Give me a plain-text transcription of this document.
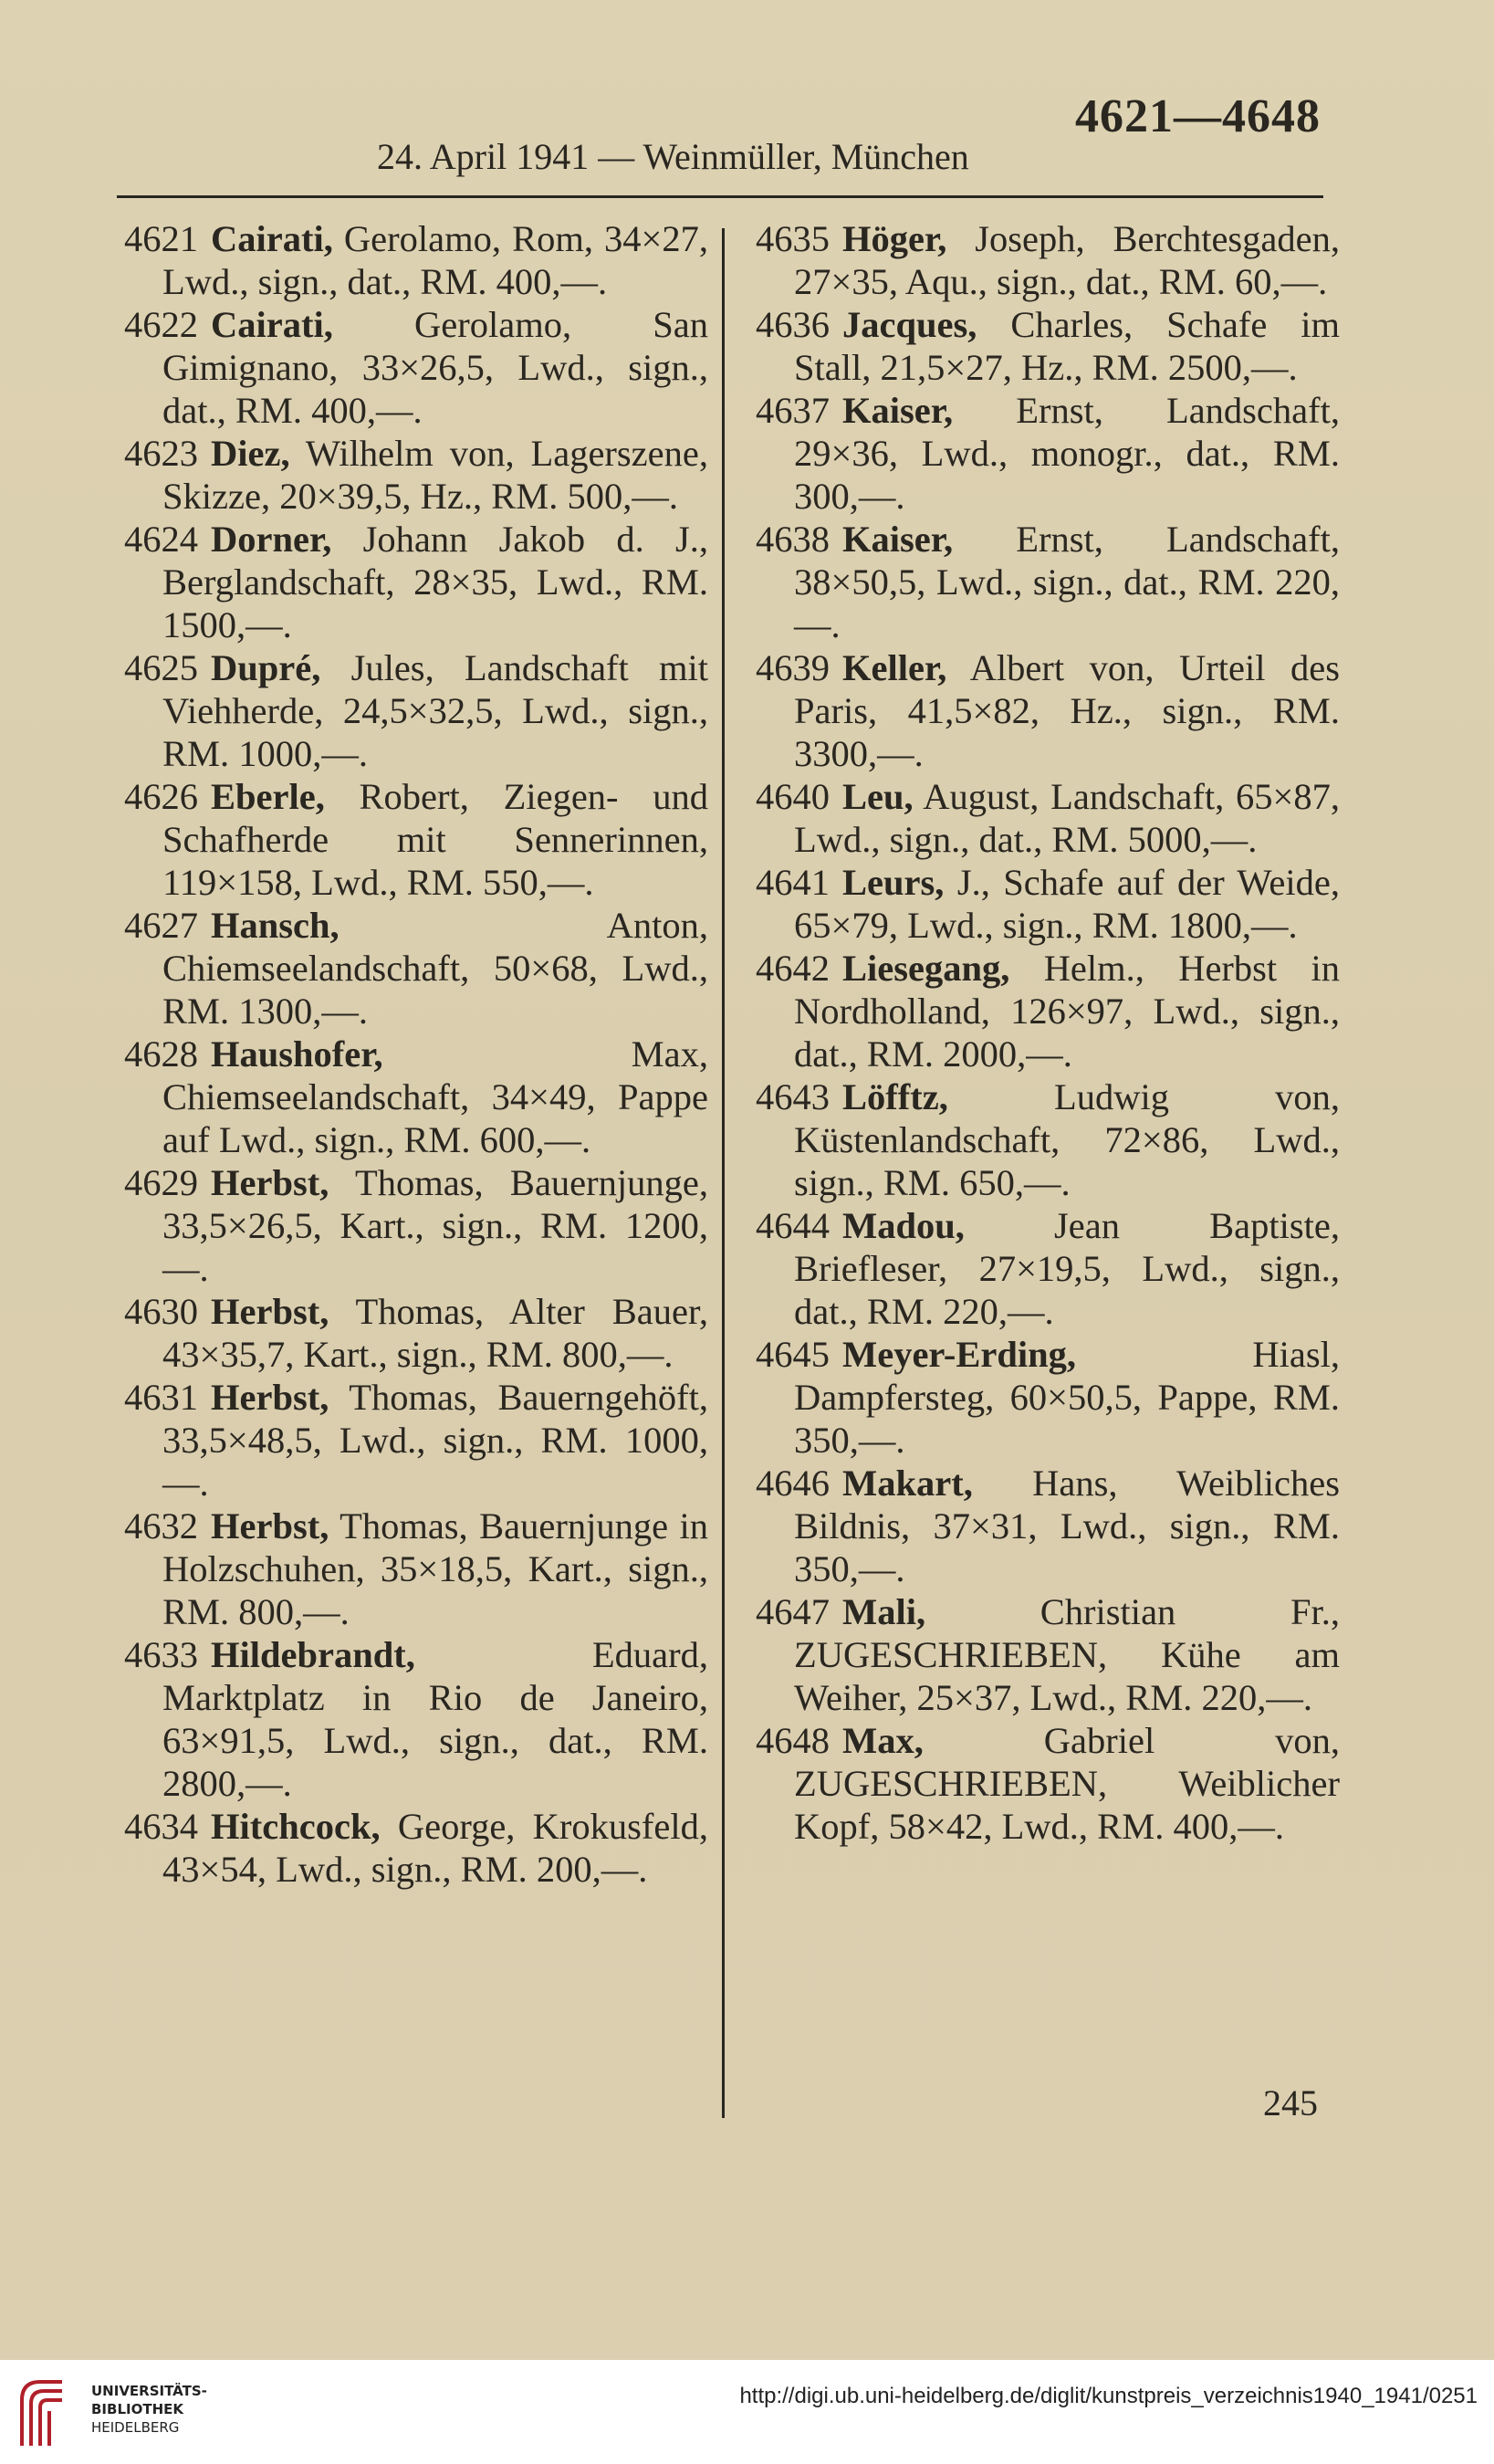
4621—4648
24. April 1941 — Weinmüller, München
4621 Cairati, Gerolamo, Rom, 34×27, Lwd., sign., dat., RM. 400,—.
4622 Cairati, Gerolamo, San Gimignano, 33×26,5, Lwd., sign., dat., RM. 400,—.
4623 Diez, Wilhelm von, Lagerszene, Skizze, 20×39,5, Hz., RM. 500,—.
4624 Dorner, Johann Jakob d. J., Berglandschaft, 28×35, Lwd., RM. 1500,—.
4625 Dupré, Jules, Landschaft mit Viehherde, 24,5×32,5, Lwd., sign., RM. 1000,—.
4626 Eberle, Robert, Ziegen- und Schafherde mit Sennerinnen, 119×158, Lwd., RM. 550,—.
4627 Hansch,	Anton, Chiemseelandschaft, 50×68, Lwd., RM. 1300,—.
4628 Haushofer,	Max, Chiemseelandschaft, 34×49, Pappe auf Lwd., sign., RM. 600,—.
4629 Herbst, Thomas, Bauernjunge, 33,5×26,5, Kart., sign., RM. 1200,—.
4630 Herbst, Thomas, Alter Bauer, 43×35,7, Kart., sign., RM. 800,—.
4631 Herbst, Thomas, Bauerngehöft, 33,5×48,5, Lwd., sign., RM. 1000,—.
4632 Herbst, Thomas, Bauernjunge in Holzschuhen, 35×18,5, Kart., sign., RM. 800,—.
4633 Hildebrandt,	Eduard, Marktplatz in Rio de Janeiro, 63×91,5, Lwd., sign., dat., RM. 2800,—.
4634 Hitchcock, George, Krokusfeld, 43×54, Lwd., sign., RM. 200,—.
4635 Höger, Joseph, Berchtesgaden, 27×35, Aqu., sign., dat., RM. 60,—.
4636 Jacques, Charles, Schafe im Stall, 21,5×27, Hz., RM. 2500,—.
4637 Kaiser, Ernst, Landschaft, 29×36, Lwd., monogr., dat., RM. 300,—.
4638 Kaiser, Ernst, Landschaft, 38×50,5, Lwd., sign., dat., RM. 220,—.
4639 Keller, Albert von, Urteil des Paris, 41,5×82, Hz., sign., RM. 3300,—.
4640 Leu, August, Landschaft, 65×87, Lwd., sign., dat., RM. 5000,—.
4641 Leurs, J., Schafe auf der Weide, 65×79, Lwd., sign., RM. 1800,—.
4642 Liesegang, Helm., Herbst in Nordholland, 126×97, Lwd., sign., dat., RM. 2000,—.
4643 Löfftz,	Ludwig von, Küstenlandschaft, 72×86, Lwd., sign., RM. 650,—.
4644 Madou, Jean Baptiste, Briefleser, 27×19,5, Lwd., sign., dat., RM. 220,—.
4645 Meyer-Erding,	Hiasl, Dampfersteg, 60×50,5, Pappe, RM. 350,—.
4646 Makart, Hans, Weibliches Bildnis, 37×31, Lwd., sign., RM. 350,—.
4647 Mali,	Christian Fr., ZUGESCHRIEBEN, Kühe am Weiher, 25×37, Lwd., RM. 220,—.
4648 Max,	Gabriel von, ZUGESCHRIEBEN, Weiblicher Kopf, 58×42, Lwd., RM. 400,—.
245
UNIVERSITÄTS-
BIBLIOTHEK
HEIDELBERG
http://digi.ub.uni-heidelberg.de/diglit/kunstpreis_verzeichnis1940_1941/0251
